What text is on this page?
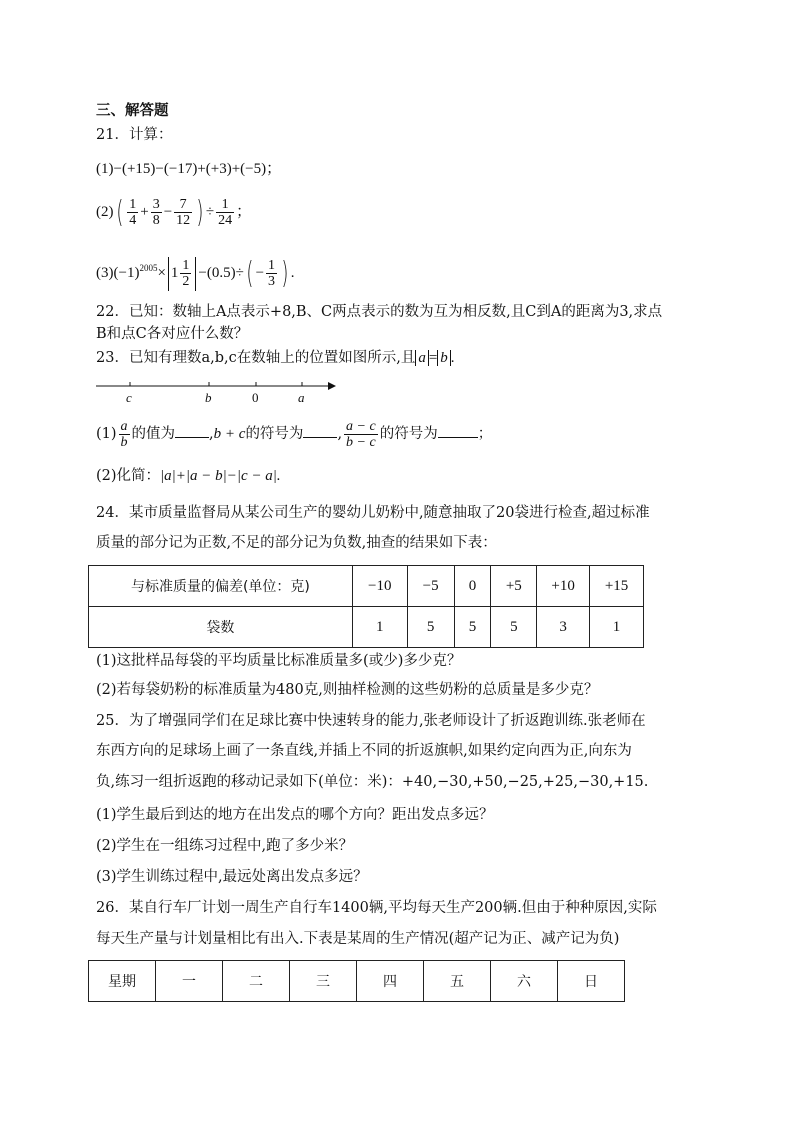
三、解答题
21．计算：
(1)−(+15)−(−17)+(+3)+(−5)；
$(2)( \frac{1}{4} + \frac{3}{8} - \frac{7}{12}$ ) ÷ $\frac{1}{24}$ ；
$(3)(-1)^{2005}\times 1 \frac{1}{2} -(0.5)\div( - \frac{1}{3}$ ) .
22．已知：数轴上A点表示+8,B、C两点表示的数为互为相反数,且C到A的距离为3,求点
B和点C各对应什么数？
23．已知有理数a,b,c在数轴上的位置如图所示,且 a = b .
c	b	0	a
$(1) \frac{a}{b}$ 的值为 ,b + c的符号为 , $\frac{a - c}{b - c}$ 的符号为	；
(2)化简：|a|+|a − b|−|c − a|.
24．某市质量监督局从某公司生产的婴幼儿奶粉中,随意抽取了20袋进行检查,超过标准
质量的部分记为正数,不足的部分记为负数,抽查的结果如下表：
与标准质量的偏差(单位：克)	−10	−5	0	+5	+10	+15
袋数	1	5	5	5	3	1
(1)这批样品每袋的平均质量比标准质量多(或少)多少克？
(2)若每袋奶粉的标准质量为480克,则抽样检测的这些奶粉的总质量是多少克？
25．为了增强同学们在足球比赛中快速转身的能力,张老师设计了折返跑训练.张老师在
东西方向的足球场上画了一条直线,并插上不同的折返旗帜,如果约定向西为正,向东为
负,练习一组折返跑的移动记录如下(单位：米)：+40,−30,+50,−25,+25,−30,+15.
(1)学生最后到达的地方在出发点的哪个方向？距出发点多远？
(2)学生在一组练习过程中,跑了多少米？
(3)学生训练过程中,最远处离出发点多远？
26．某自行车厂计划一周生产自行车1400辆,平均每天生产200辆.但由于种种原因,实际
每天生产量与计划量相比有出入.下表是某周的生产情况(超产记为正、减产记为负)
星期	一	二	三	四	五	六	日
